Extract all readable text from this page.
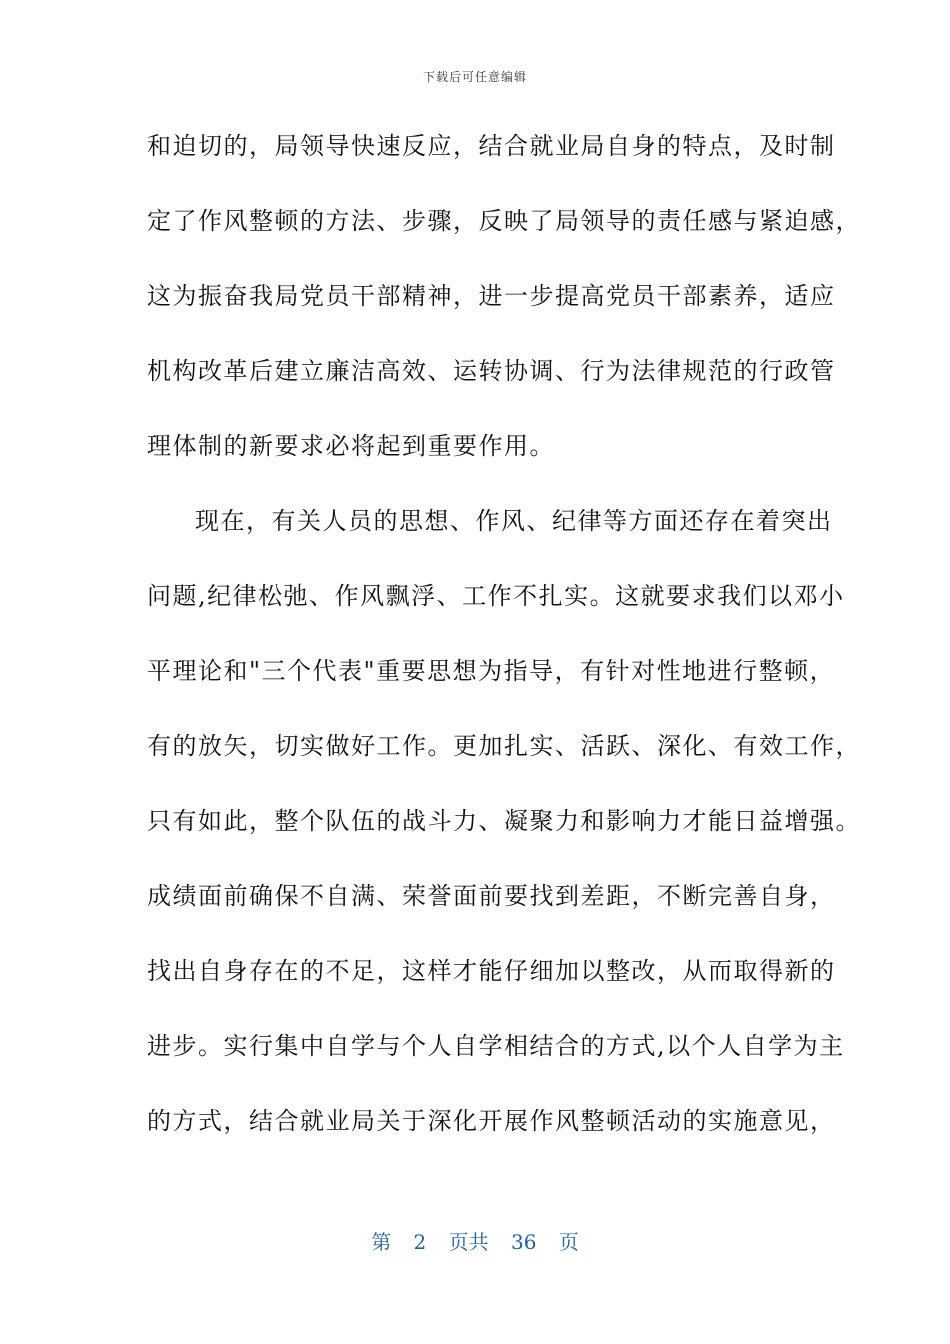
下载后可任意编辑
和迫切的，局领导快速反应，结合就业局自身的特点，及时制
定了作风整顿的方法、步骤，反映了局领导的责任感与紧迫感，
这为振奋我局党员干部精神，进一步提高党员干部素养，适应
机构改革后建立廉洁高效、运转协调、行为法律规范的行政管
理体制的新要求必将起到重要作用。
现在，有关人员的思想、作风、纪律等方面还存在着突出
问题,纪律松弛、作风飘浮、工作不扎实。这就要求我们以邓小
平理论和"三个代表"重要思想为指导，有针对性地进行整顿，
有的放矢，切实做好工作。更加扎实、活跃、深化、有效工作，
只有如此，整个队伍的战斗力、凝聚力和影响力才能日益增强。
成绩面前确保不自满、荣誉面前要找到差距，不断完善自身，
找出自身存在的不足，这样才能仔细加以整改，从而取得新的
进步。实行集中自学与个人自学相结合的方式,以个人自学为主
的方式，结合就业局关于深化开展作风整顿活动的实施意见，
第 2 页共 36 页
